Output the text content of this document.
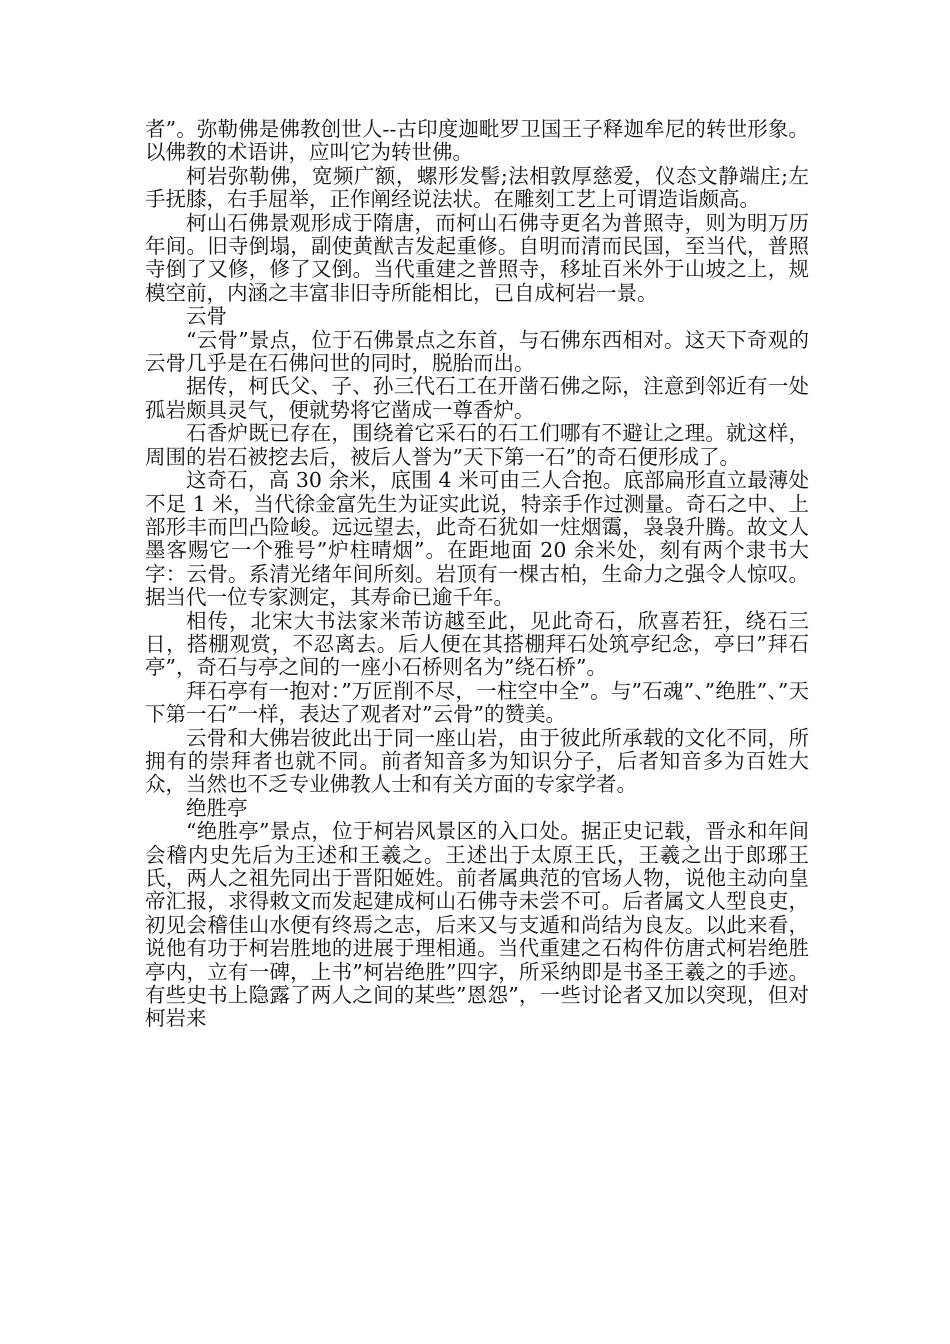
者”。弥勒佛是佛教创世人--古印度迦毗罗卫国王子释迦牟尼的转世形象。以佛教的术语讲，应叫它为转世佛。

柯岩弥勒佛，宽频广额，螺形发髻;法相敦厚慈爱，仪态文静端庄;左手抚膝，右手屈举，正作阐经说法状。在雕刻工艺上可谓造诣颇高。

柯山石佛景观形成于隋唐，而柯山石佛寺更名为普照寺，则为明万历年间。旧寺倒塌，副使黄猷吉发起重修。自明而清而民国，至当代，普照寺倒了又修，修了又倒。当代重建之普照寺，移址百米外于山坡之上，规模空前，内涵之丰富非旧寺所能相比，已自成柯岩一景。

云骨

“云骨”景点，位于石佛景点之东首，与石佛东西相对。这天下奇观的云骨几乎是在石佛问世的同时，脱胎而出。

据传，柯氏父、子、孙三代石工在开凿石佛之际，注意到邻近有一处孤岩颇具灵气，便就势将它凿成一尊香炉。

石香炉既已存在，围绕着它采石的石工们哪有不避让之理。就这样，周围的岩石被挖去后，被后人誉为”天下第一石”的奇石便形成了。

这奇石，高 30 余米，底围 4 米可由三人合抱。底部扁形直立最薄处不足 1 米，当代徐金富先生为证实此说，特亲手作过测量。奇石之中、上部形丰而凹凸险峻。远远望去，此奇石犹如一炷烟霭，袅袅升腾。故文人墨客赐它一个雅号”炉柱晴烟”。在距地面 20 余米处，刻有两个隶书大字：云骨。系清光绪年间所刻。岩顶有一棵古柏，生命力之强令人惊叹。据当代一位专家测定，其寿命已逾千年。

相传，北宋大书法家米芾访越至此，见此奇石，欣喜若狂，绕石三日，搭棚观赏，不忍离去。后人便在其搭棚拜石处筑亭纪念，亭曰”拜石亭”，奇石与亭之间的一座小石桥则名为”绕石桥”。

拜石亭有一抱对：”万匠削不尽，一柱空中全”。与”石魂”、”绝胜”、”天下第一石”一样，表达了观者对”云骨”的赞美。

云骨和大佛岩彼此出于同一座山岩，由于彼此所承载的文化不同，所拥有的崇拜者也就不同。前者知音多为知识分子，后者知音多为百姓大众，当然也不乏专业佛教人士和有关方面的专家学者。

绝胜亭

“绝胜亭”景点，位于柯岩风景区的入口处。据正史记载，晋永和年间会稽内史先后为王述和王羲之。王述出于太原王氏，王羲之出于郎琊王氏，两人之祖先同出于晋阳姬姓。前者属典范的官场人物，说他主动向皇帝汇报，求得敕文而发起建成柯山石佛寺未尝不可。后者属文人型良吏，初见会稽佳山水便有终焉之志，后来又与支遁和尚结为良友。以此来看，说他有功于柯岩胜地的进展于理相通。当代重建之石构件仿唐式柯岩绝胜亭内，立有一碑，上书”柯岩绝胜”四字，所采纳即是书圣王羲之的手迹。有些史书上隐露了两人之间的某些”恩怨”，一些讨论者又加以突现，但对柯岩来
